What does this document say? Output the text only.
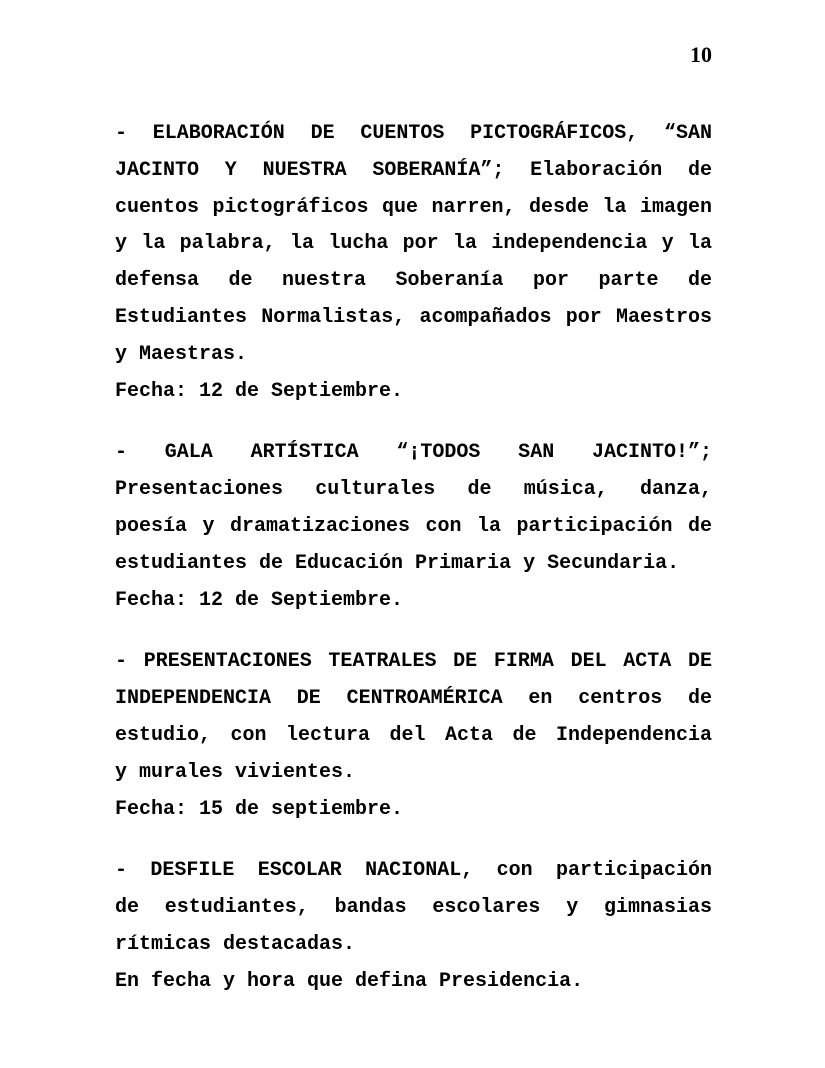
10
- ELABORACIÓN DE CUENTOS PICTOGRÁFICOS, “SAN
JACINTO Y NUESTRA SOBERANÍA”; Elaboración de
cuentos pictográficos que narren, desde la imagen
y la palabra, la lucha por la independencia y la
defensa de nuestra Soberanía por parte de
Estudiantes Normalistas, acompañados por Maestros
y Maestras.
Fecha: 12 de Septiembre.
- GALA ARTÍSTICA “¡TODOS SAN JACINTO!”;
Presentaciones culturales de música, danza,
poesía y dramatizaciones con la participación de
estudiantes de Educación Primaria y Secundaria.
Fecha: 12 de Septiembre.
- PRESENTACIONES TEATRALES DE FIRMA DEL ACTA DE
INDEPENDENCIA DE CENTROAMÉRICA en centros de
estudio, con lectura del Acta de Independencia
y murales vivientes.
Fecha: 15 de septiembre.
- DESFILE ESCOLAR NACIONAL, con participación
de estudiantes, bandas escolares y gimnasias
rítmicas destacadas.
En fecha y hora que defina Presidencia.
